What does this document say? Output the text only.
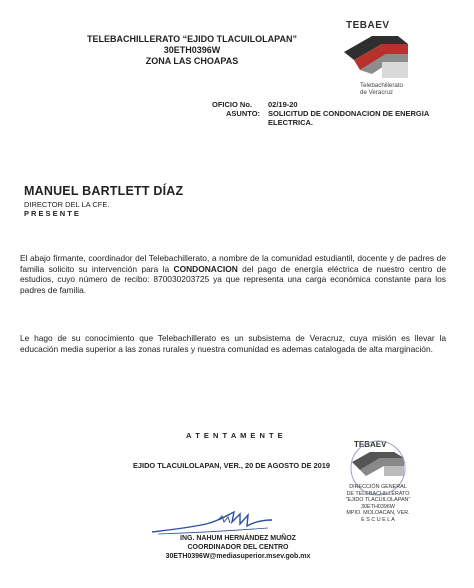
TELEBACHILLERATO “EJIDO TLACUILOLAPAN”
30ETH0396W
ZONA LAS CHOAPAS
TEBAEV
Telebachillerato
de Veracruz
OFICIO No. 02/19-20
ASUNTO: SOLICITUD DE CONDONACION DE ENERGIA
ELECTRICA.
MANUEL BARTLETT DÍAZ
DIRECTOR DEL LA CFE.
P R E S E N T E
El abajo firmante, coordinador del Telebachillerato, a nombre de la comunidad estudiantil, docente y de padres de familia solicito su intervención para la CONDONACION del pago de energía eléctrica de nuestro centro de estudios, cuyo número de recibo: 870030203725 ya que representa una carga económica constante para los padres de familia.
Le hago de su conocimiento que Telebachillerato es un subsistema de Veracruz, cuya misión es llevar la educación media superior a las zonas rurales y nuestra comunidad es ademas catalogada de alta marginación.
A T E N T A M E N T E
EJIDO TLACUILOLAPAN, VER., 20 DE AGOSTO DE 2019
TEBAEV
DIRECCIÓN GENERAL
DE TELEBACHILLERATO
"EJIDO TLACUILOLAPAN"
30ETH0396W
MPIO. MOLOACAN, VER.
E S C U E L A
ING. NAHUM HERNÁNDEZ MUÑOZ
COORDINADOR DEL CENTRO
30ETH0396W@mediasuperior.msev.gob.mx
